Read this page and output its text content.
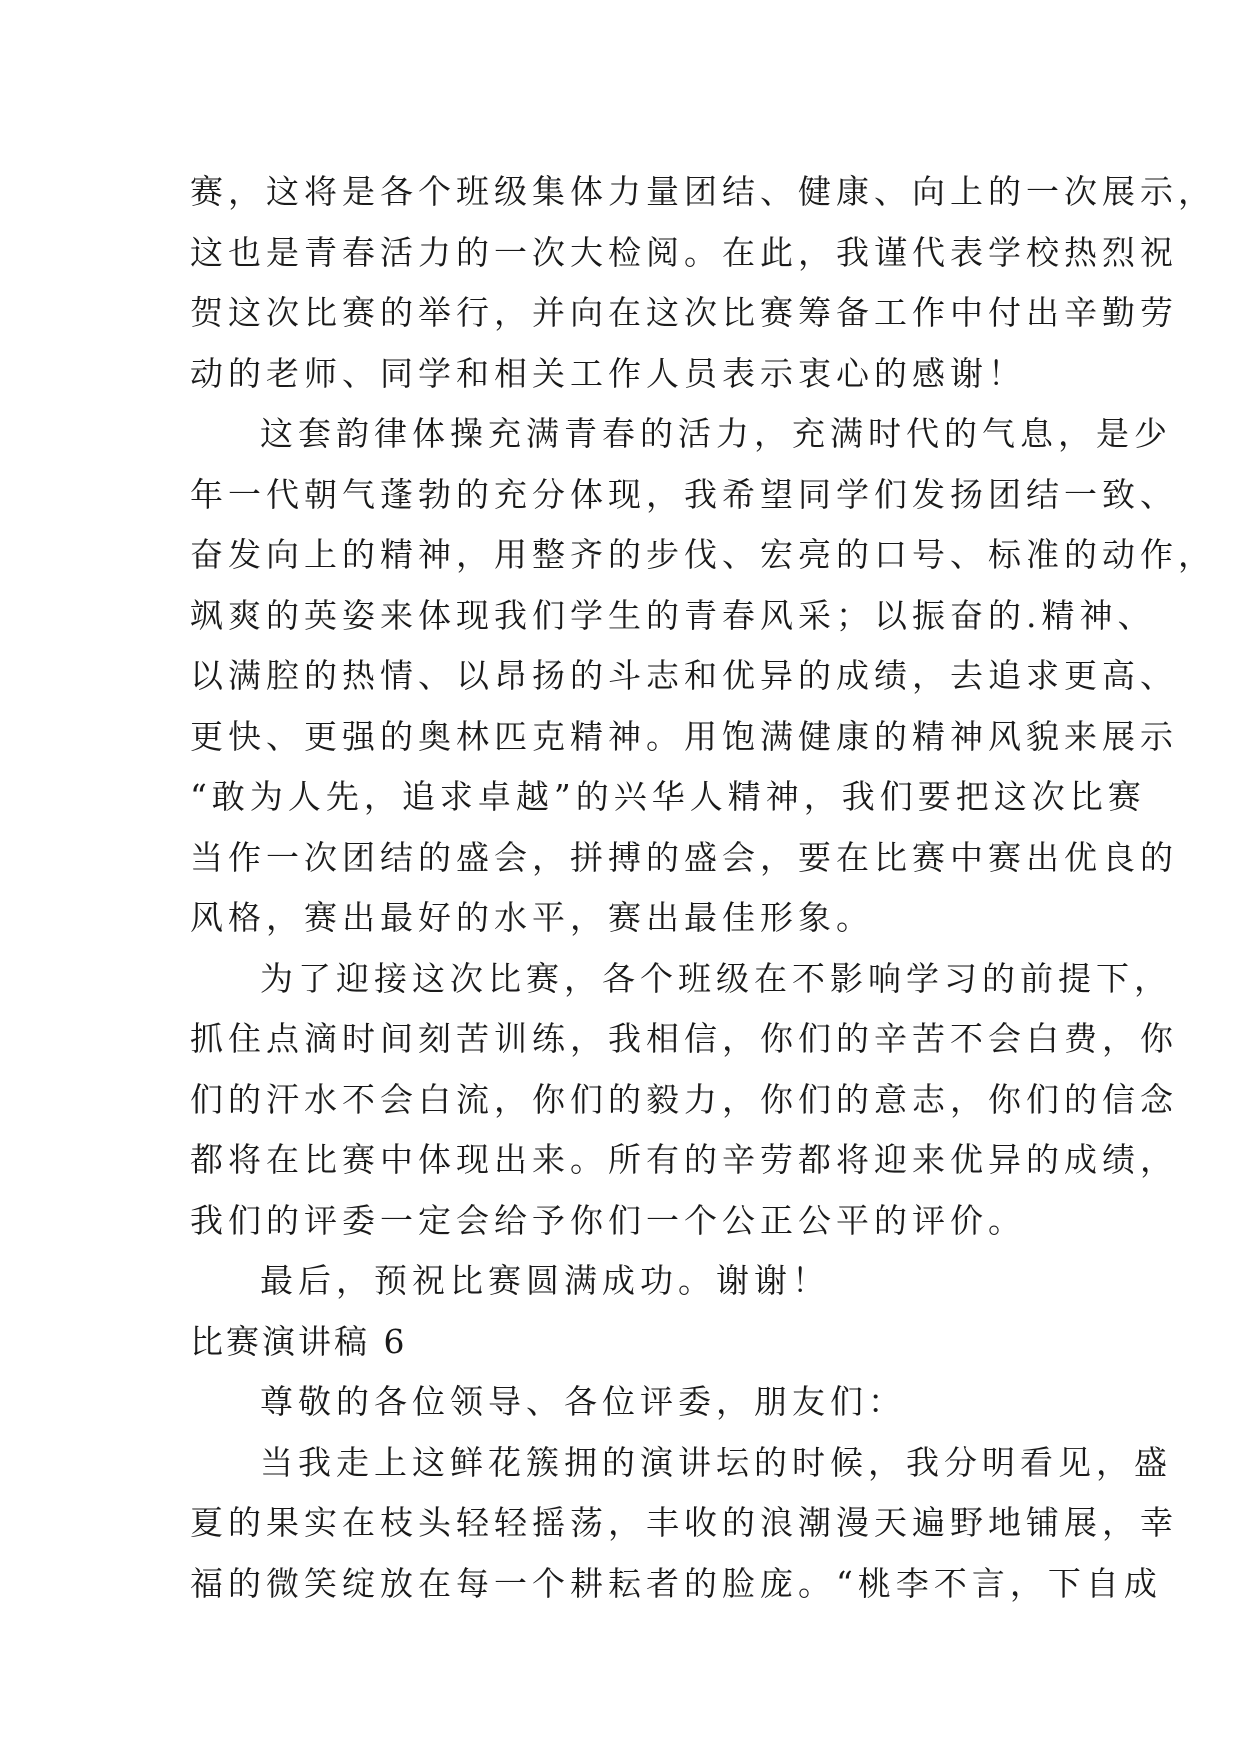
赛，这将是各个班级集体力量团结、健康、向上的一次展示，
这也是青春活力的一次大检阅。在此，我谨代表学校热烈祝
贺这次比赛的举行，并向在这次比赛筹备工作中付出辛勤劳
动的老师、同学和相关工作人员表示衷心的感谢！
这套韵律体操充满青春的活力，充满时代的气息，是少
年一代朝气蓬勃的充分体现，我希望同学们发扬团结一致、
奋发向上的精神，用整齐的步伐、宏亮的口号、标准的动作，
飒爽的英姿来体现我们学生的青春风采；以振奋的.精神、
以满腔的热情、以昂扬的斗志和优异的成绩，去追求更高、
更快、更强的奥林匹克精神。用饱满健康的精神风貌来展示
“敢为人先，追求卓越”的兴华人精神，我们要把这次比赛
当作一次团结的盛会，拼搏的盛会，要在比赛中赛出优良的
风格，赛出最好的水平，赛出最佳形象。
为了迎接这次比赛，各个班级在不影响学习的前提下，
抓住点滴时间刻苦训练，我相信，你们的辛苦不会白费，你
们的汗水不会白流，你们的毅力，你们的意志，你们的信念
都将在比赛中体现出来。所有的辛劳都将迎来优异的成绩，
我们的评委一定会给予你们一个公正公平的评价。
最后，预祝比赛圆满成功。谢谢！
比赛演讲稿 6
尊敬的各位领导、各位评委，朋友们：
当我走上这鲜花簇拥的演讲坛的时候，我分明看见，盛
夏的果实在枝头轻轻摇荡，丰收的浪潮漫天遍野地铺展，幸
福的微笑绽放在每一个耕耘者的脸庞。“桃李不言，下自成
